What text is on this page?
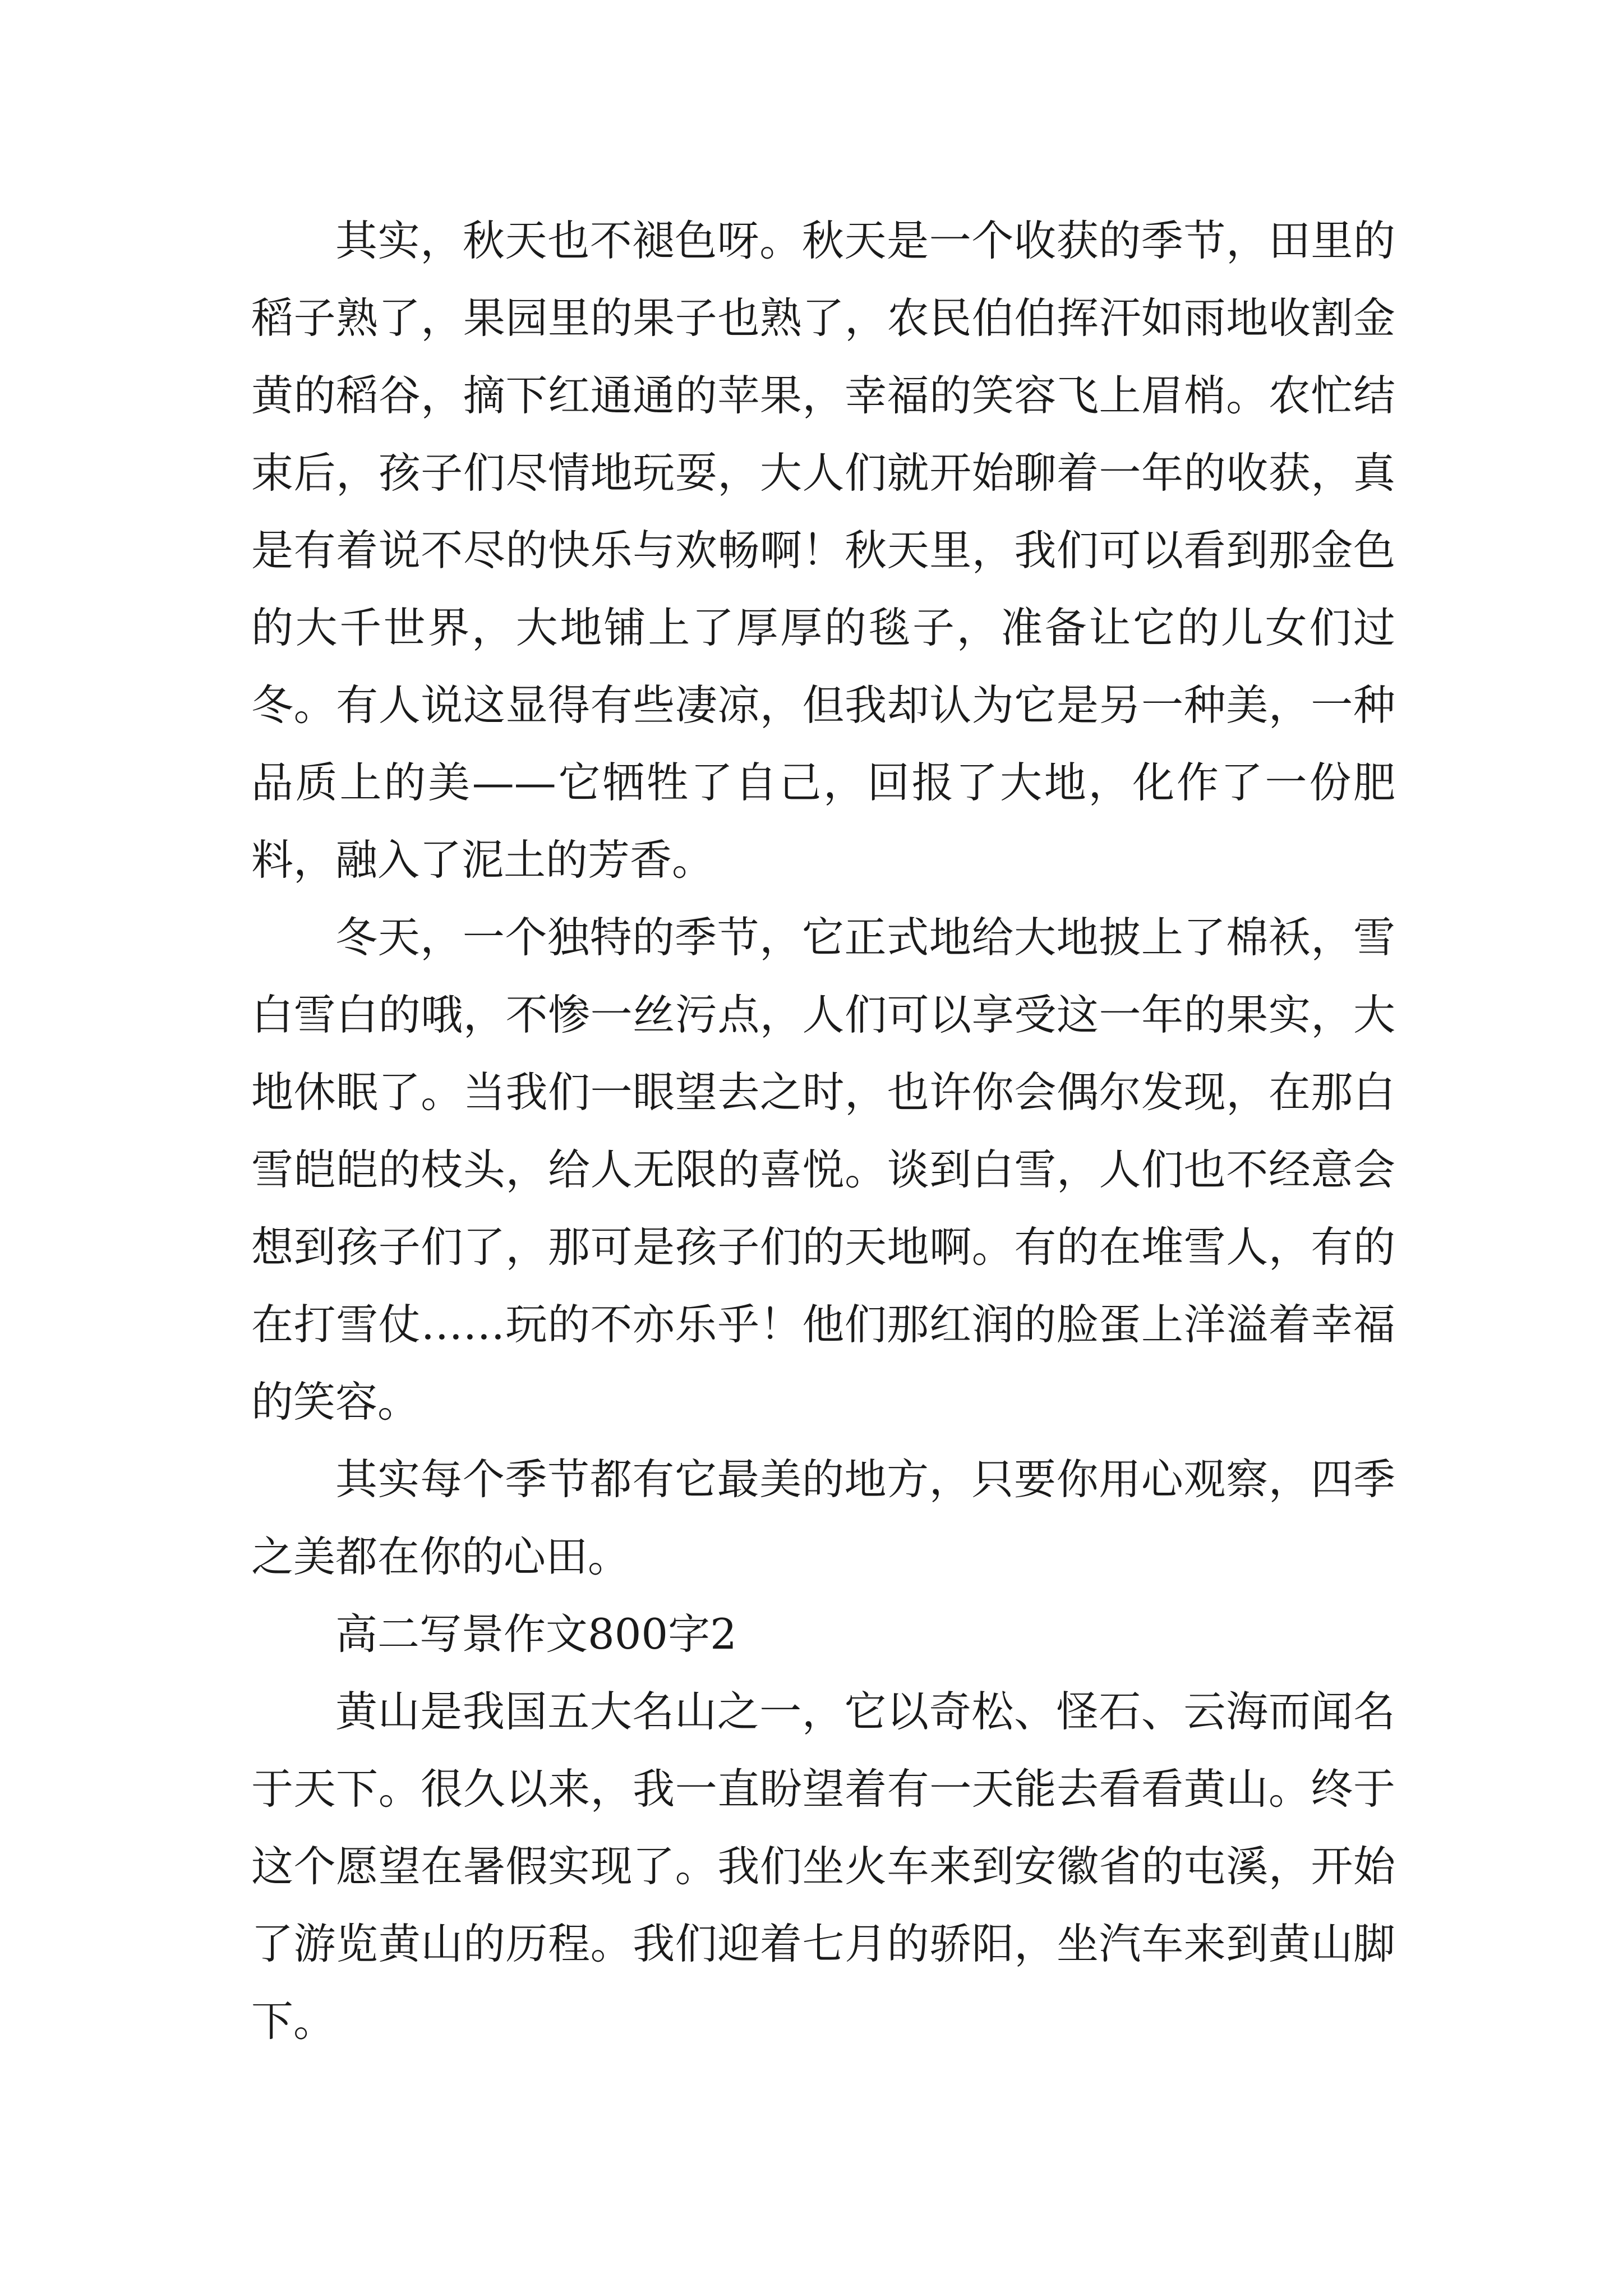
其实，秋天也不褪色呀。秋天是一个收获的季节，田里的稻子熟了，果园里的果子也熟了，农民伯伯挥汗如雨地收割金黄的稻谷，摘下红通通的苹果，幸福的笑容飞上眉梢。农忙结束后，孩子们尽情地玩耍，大人们就开始聊着一年的收获，真是有着说不尽的快乐与欢畅啊！秋天里，我们可以看到那金色的大千世界，大地铺上了厚厚的毯子，准备让它的儿女们过冬。有人说这显得有些凄凉，但我却认为它是另一种美，一种品质上的美——它牺牲了自己，回报了大地，化作了一份肥料，融入了泥土的芳香。

冬天，一个独特的季节，它正式地给大地披上了棉袄，雪白雪白的哦，不惨一丝污点，人们可以享受这一年的果实，大地休眠了。当我们一眼望去之时，也许你会偶尔发现，在那白雪皑皑的枝头，给人无限的喜悦。谈到白雪，人们也不经意会想到孩子们了，那可是孩子们的天地啊。有的在堆雪人，有的在打雪仗……玩的不亦乐乎！他们那红润的脸蛋上洋溢着幸福的笑容。

其实每个季节都有它最美的地方，只要你用心观察，四季之美都在你的心田。

高二写景作文800字2

黄山是我国五大名山之一，它以奇松、怪石、云海而闻名于天下。很久以来，我一直盼望着有一天能去看看黄山。终于这个愿望在暑假实现了。我们坐火车来到安徽省的屯溪，开始了游览黄山的历程。我们迎着七月的骄阳，坐汽车来到黄山脚下。
